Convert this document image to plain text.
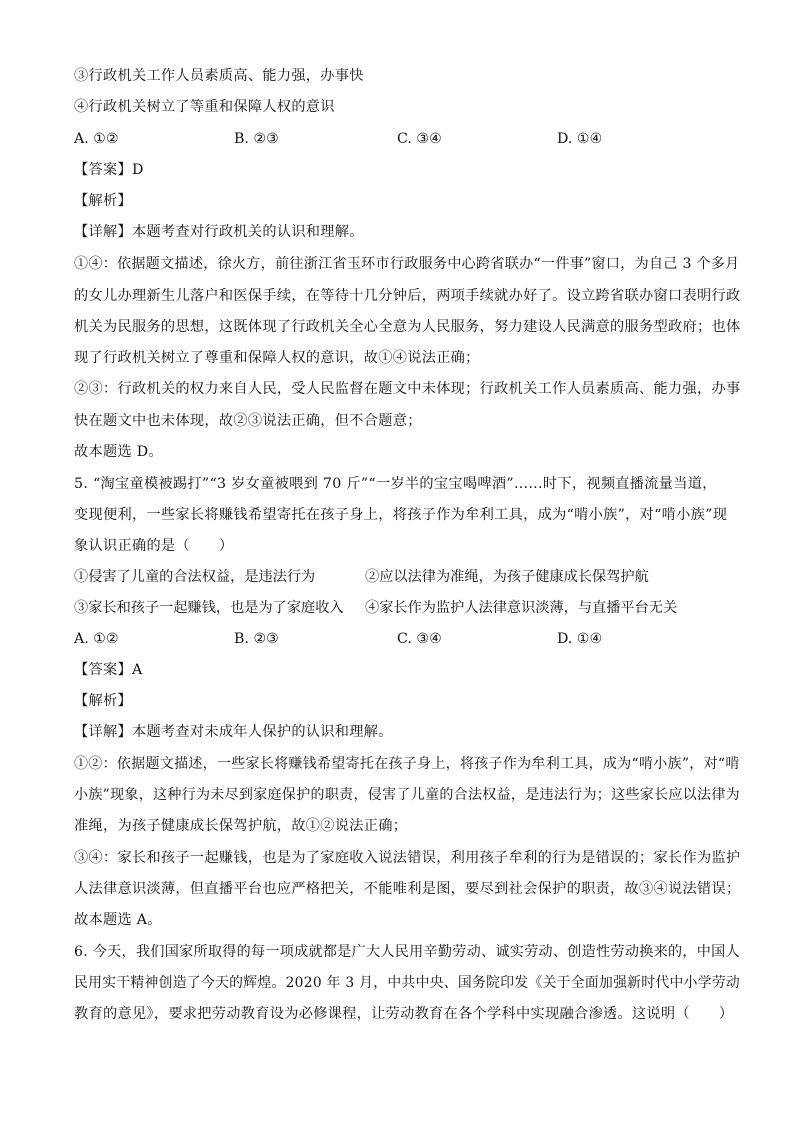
③行政机关工作人员素质高、能力强，办事快
④行政机关树立了等重和保障人权的意识
A. ①②	B. ②③	C. ③④	D. ①④
【答案】D
【解析】
【详解】本题考查对行政机关的认识和理解。
①④：依据题文描述，徐火方，前往浙江省玉环市行政服务中心跨省联办“一件事”窗口，为自己 3 个多月
的女儿办理新生儿落户和医保手续，在等待十几分钟后，两项手续就办好了。设立跨省联办窗口表明行政
机关为民服务的思想，这既体现了行政机关全心全意为人民服务，努力建设人民满意的服务型政府；也体
现了行政机关树立了尊重和保障人权的意识，故①④说法正确；
②③：行政机关的权力来自人民，受人民监督在题文中未体现；行政机关工作人员素质高、能力强，办事
快在题文中也未体现，故②③说法正确，但不合题意；
故本题选 D。
5. “淘宝童模被踢打”“3 岁女童被喂到 70 斤”“一岁半的宝宝喝啤酒”……时下，视频直播流量当道，
变现便利，一些家长将赚钱希望寄托在孩子身上，将孩子作为牟利工具，成为“啃小族”，对“啃小族”现
象认识正确的是（　　）
①侵害了儿童的合法权益，是违法行为	②应以法律为准绳，为孩子健康成长保驾护航
③家长和孩子一起赚钱，也是为了家庭收入 ④家长作为监护人法律意识淡薄，与直播平台无关
A. ①②	B. ②③	C. ③④	D. ①④
【答案】A
【解析】
【详解】本题考查对未成年人保护的认识和理解。
①②：依据题文描述，一些家长将赚钱希望寄托在孩子身上，将孩子作为牟利工具，成为“啃小族”，对“啃
小族”现象，这种行为未尽到家庭保护的职责，侵害了儿童的合法权益，是违法行为；这些家长应以法律为
准绳，为孩子健康成长保驾护航，故①②说法正确；
③④：家长和孩子一起赚钱，也是为了家庭收入说法错误，利用孩子牟利的行为是错误的；家长作为监护
人法律意识淡薄，但直播平台也应严格把关，不能唯利是图，要尽到社会保护的职责，故③④说法错误；
故本题选 A。
6. 今天，我们国家所取得的每一项成就都是广大人民用辛勤劳动、诚实劳动、创造性劳动换来的，中国人
民用实干精神创造了今天的辉煌。2020 年 3 月，中共中央、国务院印发《关于全面加强新时代中小学劳动
教育的意见》，要求把劳动教育设为必修课程，让劳动教育在各个学科中实现融合渗透。这说明（　　）
